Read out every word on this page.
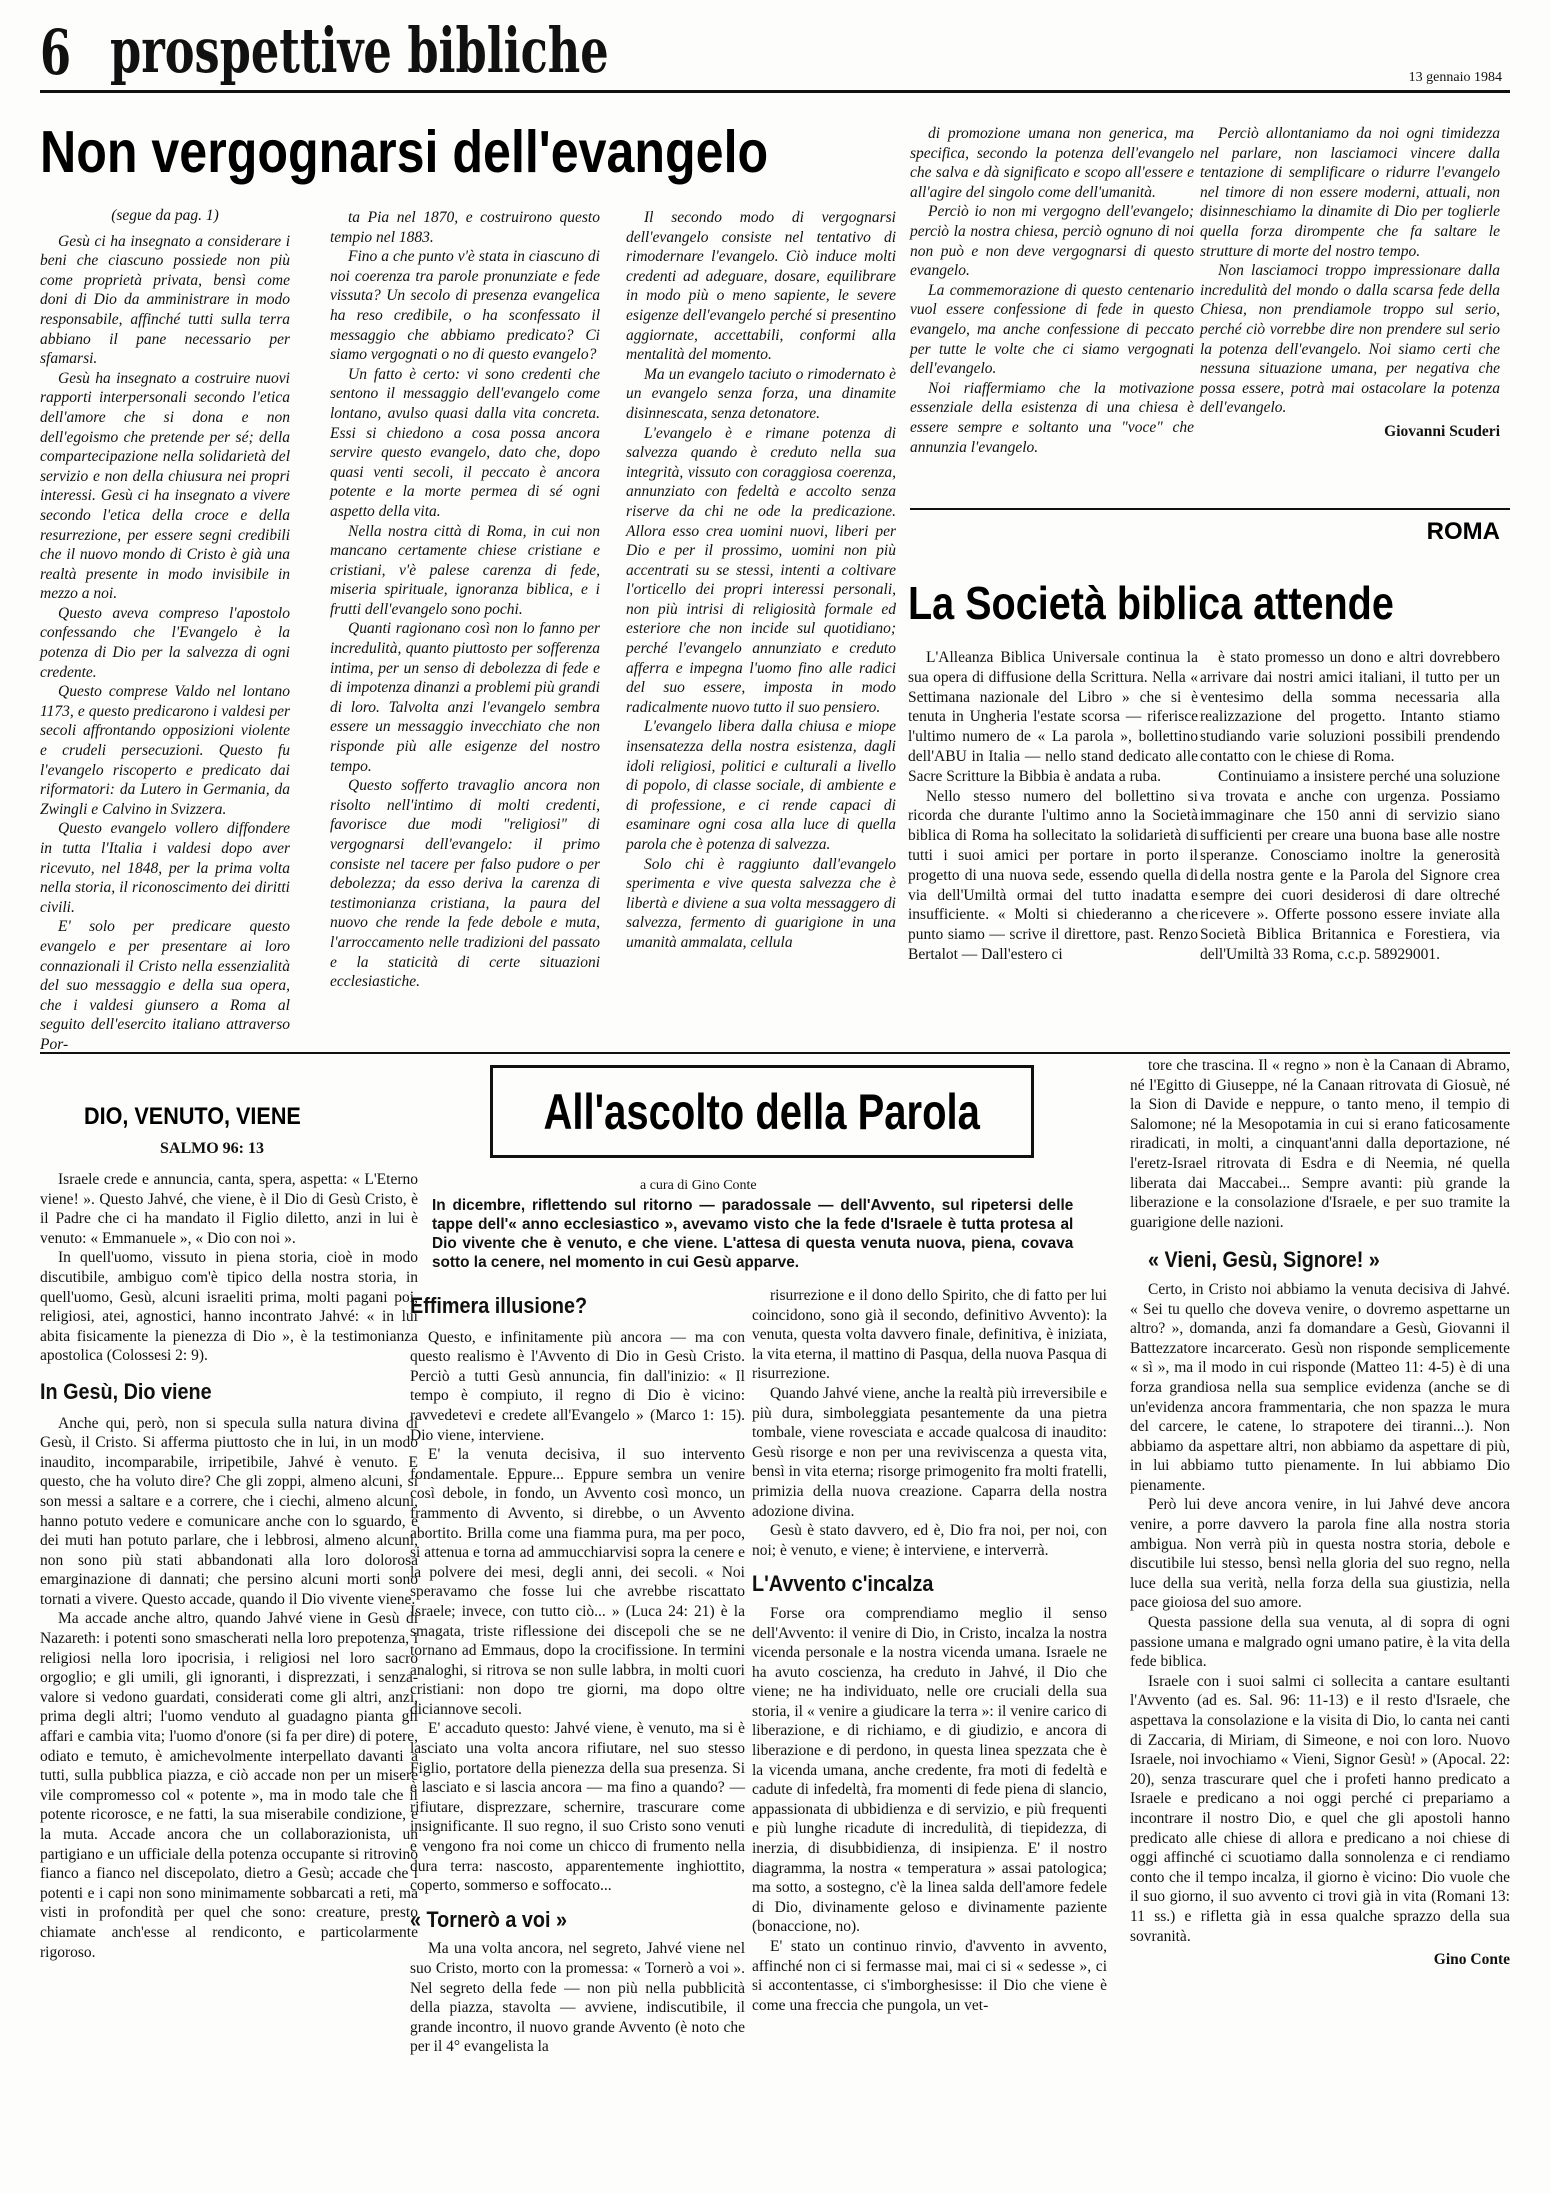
6 prospettive bibliche	13 gennaio 1984
Non vergognarsi dell'evangelo

(segue da pag. 1)

Gesù ci ha insegnato a considerare i beni che ciascuno possiede non più come proprietà privata, bensì come doni di Dio da amministrare in modo responsabile, affinché tutti sulla terra abbiano il pane necessario per sfamarsi.

Gesù ha insegnato a costruire nuovi rapporti interpersonali secondo l'etica dell'amore che si dona e non dell'egoismo che pretende per sé; della compartecipazione nella solidarietà del servizio e non della chiusura nei propri interessi. Gesù ci ha insegnato a vivere secondo l'etica della croce e della resurrezione, per essere segni credibili che il nuovo mondo di Cristo è già una realtà presente in modo invisibile in mezzo a noi.

Questo aveva compreso l'apostolo confessando che l'Evangelo è la potenza di Dio per la salvezza di ogni credente.

Questo comprese Valdo nel lontano 1173, e questo predicarono i valdesi per secoli affrontando opposizioni violente e crudeli persecuzioni. Questo fu l'evangelo riscoperto e predicato dai riformatori: da Lutero in Germania, da Zwingli e Calvino in Svizzera.

Questo evangelo vollero diffondere in tutta l'Italia i valdesi dopo aver ricevuto, nel 1848, per la prima volta nella storia, il riconoscimento dei diritti civili.

E' solo per predicare questo evangelo e per presentare ai loro connazionali il Cristo nella essenzialità del suo messaggio e della sua opera, che i valdesi giunsero a Roma al seguito dell'esercito italiano attraverso Por-

ta Pia nel 1870, e costruirono questo tempio nel 1883.

Fino a che punto v'è stata in ciascuno di noi coerenza tra parole pronunziate e fede vissuta? Un secolo di presenza evangelica ha reso credibile, o ha sconfessato il messaggio che abbiamo predicato? Ci siamo vergognati o no di questo evangelo?

Un fatto è certo: vi sono credenti che sentono il messaggio dell'evangelo come lontano, avulso quasi dalla vita concreta. Essi si chiedono a cosa possa ancora servire questo evangelo, dato che, dopo quasi venti secoli, il peccato è ancora potente e la morte permea di sé ogni aspetto della vita.

Nella nostra città di Roma, in cui non mancano certamente chiese cristiane e cristiani, v'è palese carenza di fede, miseria spirituale, ignoranza biblica, e i frutti dell'evangelo sono pochi.

Quanti ragionano così non lo fanno per incredulità, quanto piuttosto per sofferenza intima, per un senso di debolezza di fede e di impotenza dinanzi a problemi più grandi di loro. Talvolta anzi l'evangelo sembra essere un messaggio invecchiato che non risponde più alle esigenze del nostro tempo.

Questo sofferto travaglio ancora non risolto nell'intimo di molti credenti, favorisce due modi "religiosi" di vergognarsi dell'evangelo: il primo consiste nel tacere per falso pudore o per debolezza; da esso deriva la carenza di testimonianza cristiana, la paura del nuovo che rende la fede debole e muta, l'arroccamento nelle tradizioni del passato e la staticità di certe situazioni ecclesiastiche.

Il secondo modo di vergognarsi dell'evangelo consiste nel tentativo di rimodernare l'evangelo. Ciò induce molti credenti ad adeguare, dosare, equilibrare in modo più o meno sapiente, le severe esigenze dell'evangelo perché si presentino aggiornate, accettabili, conformi alla mentalità del momento.

Ma un evangelo taciuto o rimodernato è un evangelo senza forza, una dinamite disinnescata, senza detonatore.

L'evangelo è e rimane potenza di salvezza quando è creduto nella sua integrità, vissuto con coraggiosa coerenza, annunziato con fedeltà e accolto senza riserve da chi ne ode la predicazione. Allora esso crea uomini nuovi, liberi per Dio e per il prossimo, uomini non più accentrati su se stessi, intenti a coltivare l'orticello dei propri interessi personali, non più intrisi di religiosità formale ed esteriore che non incide sul quotidiano; perché l'evangelo annunziato e creduto afferra e impegna l'uomo fino alle radici del suo essere, imposta in modo radicalmente nuovo tutto il suo pensiero.

L'evangelo libera dalla chiusa e miope insensatezza della nostra esistenza, dagli idoli religiosi, politici e culturali a livello di popolo, di classe sociale, di ambiente e di professione, e ci rende capaci di esaminare ogni cosa alla luce di quella parola che è potenza di salvezza.

Solo chi è raggiunto dall'evangelo sperimenta e vive questa salvezza che è libertà e diviene a sua volta messaggero di salvezza, fermento di guarigione in una umanità ammalata, cellula

di promozione umana non generica, ma specifica, secondo la potenza dell'evangelo che salva e dà significato e scopo all'essere e all'agire del singolo come dell'umanità.

Perciò io non mi vergogno dell'evangelo; perciò la nostra chiesa, perciò ognuno di noi non può e non deve vergognarsi di questo evangelo.

La commemorazione di questo centenario vuol essere confessione di fede in questo evangelo, ma anche confessione di peccato per tutte le volte che ci siamo vergognati dell'evangelo.

Noi riaffermiamo che la motivazione essenziale della esistenza di una chiesa è essere sempre e soltanto una "voce" che annunzia l'evangelo.

Perciò allontaniamo da noi ogni timidezza nel parlare, non lasciamoci vincere dalla tentazione di semplificare o ridurre l'evangelo nel timore di non essere moderni, attuali, non disinneschiamo la dinamite di Dio per toglierle quella forza dirompente che fa saltare le strutture di morte del nostro tempo.

Non lasciamoci troppo impressionare dalla incredulità del mondo o dalla scarsa fede della Chiesa, non prendiamole troppo sul serio, perché ciò vorrebbe dire non prendere sul serio la potenza dell'evangelo. Noi siamo certi che nessuna situazione umana, per negativa che possa essere, potrà mai ostacolare la potenza dell'evangelo.

Giovanni Scuderi

ROMA
La Società biblica attende

L'Alleanza Biblica Universale continua la sua opera di diffusione della Scrittura. Nella « Settimana nazionale del Libro » che si è tenuta in Ungheria l'estate scorsa — riferisce l'ultimo numero de « La parola », bollettino dell'ABU in Italia — nello stand dedicato alle Sacre Scritture la Bibbia è andata a ruba.

Nello stesso numero del bollettino si ricorda che durante l'ultimo anno la Società biblica di Roma ha sollecitato la solidarietà di tutti i suoi amici per portare in porto il progetto di una nuova sede, essendo quella di via dell'Umiltà ormai del tutto inadatta e insufficiente. « Molti si chiederanno a che punto siamo — scrive il direttore, past. Renzo Bertalot — Dall'estero ci

è stato promesso un dono e altri dovrebbero arrivare dai nostri amici italiani, il tutto per un ventesimo della somma necessaria alla realizzazione del progetto. Intanto stiamo studiando varie soluzioni possibili prendendo contatto con le chiese di Roma.

Continuiamo a insistere perché una soluzione va trovata e anche con urgenza. Possiamo immaginare che 150 anni di servizio siano sufficienti per creare una buona base alle nostre speranze. Conosciamo inoltre la generosità della nostra gente e la Parola del Signore crea sempre dei cuori desiderosi di dare oltreché ricevere ». Offerte possono essere inviate alla Società Biblica Britannica e Forestiera, via dell'Umiltà 33 Roma, c.c.p. 58929001.

DIO, VENUTO, VIENE
SALMO 96: 13

Israele crede e annuncia, canta, spera, aspetta: « L'Eterno viene! ». Questo Jahvé, che viene, è il Dio di Gesù Cristo, è il Padre che ci ha mandato il Figlio diletto, anzi in lui è venuto: « Emmanuele », « Dio con noi ».

In quell'uomo, vissuto in piena storia, cioè in modo discutibile, ambiguo com'è tipico della nostra storia, in quell'uomo, Gesù, alcuni israeliti prima, molti pagani poi, religiosi, atei, agnostici, hanno incontrato Jahvé: « in lui abita fisicamente la pienezza di Dio », è la testimonianza apostolica (Colossesi 2: 9).

In Gesù, Dio viene

Anche qui, però, non si specula sulla natura divina di Gesù, il Cristo. Si afferma piuttosto che in lui, in un modo inaudito, incomparabile, irripetibile, Jahvé è venuto. E questo, che ha voluto dire? Che gli zoppi, almeno alcuni, si son messi a saltare e a correre, che i ciechi, almeno alcuni, hanno potuto vedere e comunicare anche con lo sguardo, e dei muti han potuto parlare, che i lebbrosi, almeno alcuni, non sono più stati abbandonati alla loro dolorosa emarginazione di dannati; che persino alcuni morti sono tornati a vivere. Questo accade, quando il Dio vivente viene.

Ma accade anche altro, quando Jahvé viene in Gesù di Nazareth: i potenti sono smascherati nella loro prepotenza, i religiosi nella loro ipocrisia, i religiosi nel loro sacro orgoglio; e gli umili, gli ignoranti, i disprezzati, i senza-valore si vedono guardati, considerati come gli altri, anzi, prima degli altri; l'uomo venduto al guadagno pianta gli affari e cambia vita; l'uomo d'onore (si fa per dire) di potere, odiato e temuto, è amichevolmente interpellato davanti a tutti, sulla pubblica piazza, e ciò accade non per un misere vile compromesso col « potente », ma in modo tale che il potente ricorosce, e ne fatti, la sua miserabile condizione, e la muta. Accade ancora che un collaborazionista, un partigiano e un ufficiale della potenza occupante si ritrovino fianco a fianco nel discepolato, dietro a Gesù; accade che i potenti e i capi non sono minimamente sobbarcati a reti, ma visti in profondità per quel che sono: creature, presto chiamate anch'esse al rendiconto, e particolarmente rigoroso.

All'ascolto della Parola
a cura di Gino Conte
In dicembre, riflettendo sul ritorno — paradossale — dell'Avvento, sul ripetersi delle tappe dell'« anno ecclesiastico », avevamo visto che la fede d'Israele è tutta protesa al Dio vivente che è venuto, e che viene. L'attesa di questa venuta nuova, piena, covava sotto la cenere, nel momento in cui Gesù apparve.
Effimera illusione?

Questo, e infinitamente più ancora — ma con questo realismo è l'Avvento di Dio in Gesù Cristo. Perciò a tutti Gesù annuncia, fin dall'inizio: « Il tempo è compiuto, il regno di Dio è vicino: ravvedetevi e credete all'Evangelo » (Marco 1: 15). Dio viene, interviene.

E' la venuta decisiva, il suo intervento fondamentale. Eppure... Eppure sembra un venire così debole, in fondo, un Avvento così monco, un frammento di Avvento, si direbbe, o un Avvento abortito. Brilla come una fiamma pura, ma per poco, si attenua e torna ad ammucchiarvisi sopra la cenere e la polvere dei mesi, degli anni, dei secoli. « Noi speravamo che fosse lui che avrebbe riscattato Israele; invece, con tutto ciò... » (Luca 24: 21) è la smagata, triste riflessione dei discepoli che se ne tornano ad Emmaus, dopo la crocifissione. In termini analoghi, si ritrova se non sulle labbra, in molti cuori cristiani: non dopo tre giorni, ma dopo oltre diciannove secoli.

E' accaduto questo: Jahvé viene, è venuto, ma si è lasciato una volta ancora rifiutare, nel suo stesso Figlio, portatore della pienezza della sua presenza. Si è lasciato e si lascia ancora — ma fino a quando? — rifiutare, disprezzare, schernire, trascurare come insignificante. Il suo regno, il suo Cristo sono venuti e vengono fra noi come un chicco di frumento nella dura terra: nascosto, apparentemente inghiottito, coperto, sommerso e soffocato...

« Tornerò a voi »

Ma una volta ancora, nel segreto, Jahvé viene nel suo Cristo, morto con la promessa: « Tornerò a voi ». Nel segreto della fede — non più nella pubblicità della piazza, stavolta — avviene, indiscutibile, il grande incontro, il nuovo grande Avvento (è noto che per il 4° evangelista la

risurrezione e il dono dello Spirito, che di fatto per lui coincidono, sono già il secondo, definitivo Avvento): la venuta, questa volta davvero finale, definitiva, è iniziata, la vita eterna, il mattino di Pasqua, della nuova Pasqua di risurrezione.

Quando Jahvé viene, anche la realtà più irreversibile e più dura, simboleggiata pesantemente da una pietra tombale, viene rovesciata e accade qualcosa di inaudito: Gesù risorge e non per una reviviscenza a questa vita, bensì in vita eterna; risorge primogenito fra molti fratelli, primizia della nuova creazione. Caparra della nostra adozione divina.

Gesù è stato davvero, ed è, Dio fra noi, per noi, con noi; è venuto, e viene; è interviene, e interverrà.

L'Avvento c'incalza

Forse ora comprendiamo meglio il senso dell'Avvento: il venire di Dio, in Cristo, incalza la nostra vicenda personale e la nostra vicenda umana. Israele ne ha avuto coscienza, ha creduto in Jahvé, il Dio che viene; ne ha individuato, nelle ore cruciali della sua storia, il « venire a giudicare la terra »: il venire carico di liberazione, e di richiamo, e di giudizio, e ancora di liberazione e di perdono, in questa linea spezzata che è la vicenda umana, anche credente, fra moti di fedeltà e cadute di infedeltà, fra momenti di fede piena di slancio, appassionata di ubbidienza e di servizio, e più frequenti e più lunghe ricadute di incredulità, di tiepidezza, di inerzia, di disubbidienza, di insipienza. E' il nostro diagramma, la nostra « temperatura » assai patologica; ma sotto, a sostegno, c'è la linea salda dell'amore fedele di Dio, divinamente geloso e divinamente paziente (bonaccione, no).

E' stato un continuo rinvio, d'avvento in avvento, affinché non ci si fermasse mai, mai ci si « sedesse », ci si accontentasse, ci s'imborghesisse: il Dio che viene è come una freccia che pungola, un vet-

tore che trascina. Il « regno » non è la Canaan di Abramo, né l'Egitto di Giuseppe, né la Canaan ritrovata di Giosuè, né la Sion di Davide e neppure, o tanto meno, il tempio di Salomone; né la Mesopotamia in cui si erano faticosamente riradicati, in molti, a cinquant'anni dalla deportazione, né l'eretz-Israel ritrovata di Esdra e di Neemia, né quella liberata dai Maccabei... Sempre avanti: più grande la liberazione e la consolazione d'Israele, e per suo tramite la guarigione delle nazioni.

« Vieni, Gesù, Signore! »

Certo, in Cristo noi abbiamo la venuta decisiva di Jahvé. « Sei tu quello che doveva venire, o dovremo aspettarne un altro? », domanda, anzi fa domandare a Gesù, Giovanni il Battezzatore incarcerato. Gesù non risponde semplicemente « sì », ma il modo in cui risponde (Matteo 11: 4-5) è di una forza grandiosa nella sua semplice evidenza (anche se di un'evidenza ancora frammentaria, che non spazza le mura del carcere, le catene, lo strapotere dei tiranni...). Non abbiamo da aspettare altri, non abbiamo da aspettare di più, in lui abbiamo tutto pienamente. In lui abbiamo Dio pienamente.

Però lui deve ancora venire, in lui Jahvé deve ancora venire, a porre davvero la parola fine alla nostra storia ambigua. Non verrà più in questa nostra storia, debole e discutibile lui stesso, bensì nella gloria del suo regno, nella luce della sua verità, nella forza della sua giustizia, nella pace gioiosa del suo amore.

Questa passione della sua venuta, al di sopra di ogni passione umana e malgrado ogni umano patire, è la vita della fede biblica.

Israele con i suoi salmi ci sollecita a cantare esultanti l'Avvento (ad es. Sal. 96: 11-13) e il resto d'Israele, che aspettava la consolazione e la visita di Dio, lo canta nei canti di Zaccaria, di Miriam, di Simeone, e noi con loro. Nuovo Israele, noi invochiamo « Vieni, Signor Gesù! » (Apocal. 22: 20), senza trascurare quel che i profeti hanno predicato a Israele e predicano a noi oggi perché ci prepariamo a incontrare il nostro Dio, e quel che gli apostoli hanno predicato alle chiese di allora e predicano a noi chiese di oggi affinché ci scuotiamo dalla sonnolenza e ci rendiamo conto che il tempo incalza, il giorno è vicino: Dio vuole che il suo giorno, il suo avvento ci trovi già in vita (Romani 13: 11 ss.) e rifletta già in essa qualche sprazzo della sua sovranità.

Gino Conte
